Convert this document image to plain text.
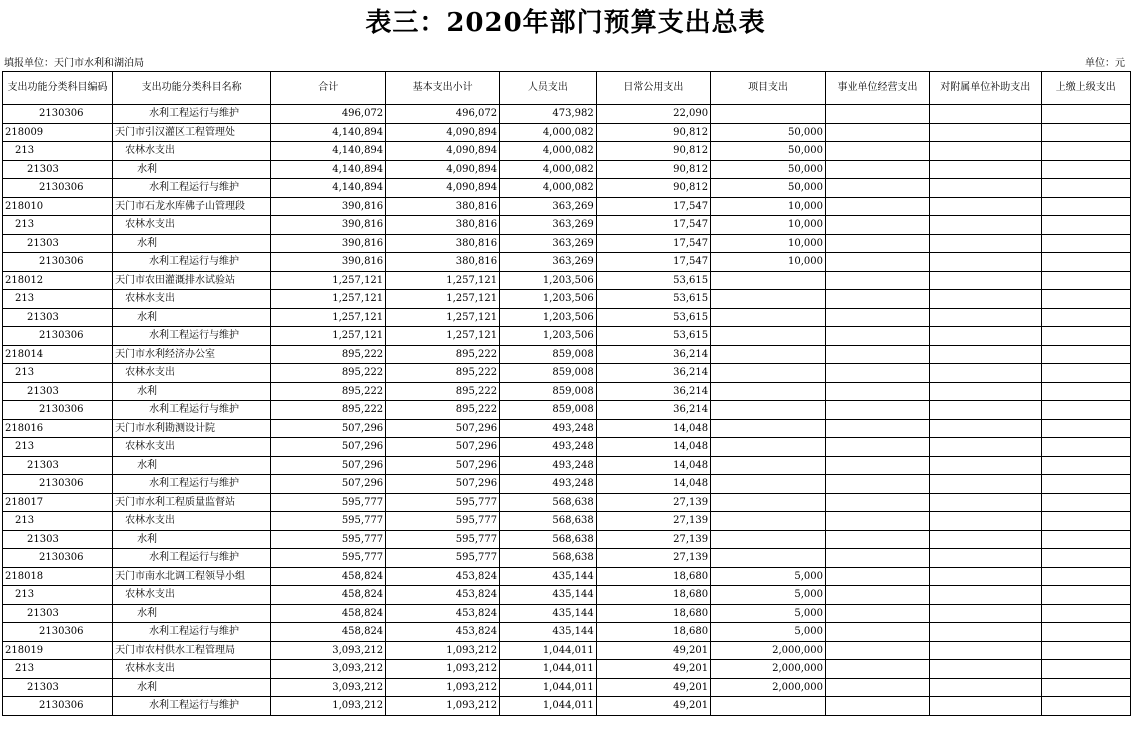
表三：2020年部门预算支出总表
填报单位：天门市水利和湖泊局	单位：元
支出功能分类科目编码	支出功能分类科目名称	合计	基本支出小计	人员支出	日常公用支出	项目支出	事业单位经营支出	对附属单位补助支出	上缴上级支出
2130306	水利工程运行与维护	496,072	496,072	473,982	22,090				
218009	天门市引汉灌区工程管理处	4,140,894	4,090,894	4,000,082	90,812	50,000			
213	农林水支出	4,140,894	4,090,894	4,000,082	90,812	50,000			
21303	水利	4,140,894	4,090,894	4,000,082	90,812	50,000			
2130306	水利工程运行与维护	4,140,894	4,090,894	4,000,082	90,812	50,000			
218010	天门市石龙水库佛子山管理段	390,816	380,816	363,269	17,547	10,000			
213	农林水支出	390,816	380,816	363,269	17,547	10,000			
21303	水利	390,816	380,816	363,269	17,547	10,000			
2130306	水利工程运行与维护	390,816	380,816	363,269	17,547	10,000			
218012	天门市农田灌溉排水试验站	1,257,121	1,257,121	1,203,506	53,615				
213	农林水支出	1,257,121	1,257,121	1,203,506	53,615				
21303	水利	1,257,121	1,257,121	1,203,506	53,615				
2130306	水利工程运行与维护	1,257,121	1,257,121	1,203,506	53,615				
218014	天门市水利经济办公室	895,222	895,222	859,008	36,214				
213	农林水支出	895,222	895,222	859,008	36,214				
21303	水利	895,222	895,222	859,008	36,214				
2130306	水利工程运行与维护	895,222	895,222	859,008	36,214				
218016	天门市水利勘测设计院	507,296	507,296	493,248	14,048				
213	农林水支出	507,296	507,296	493,248	14,048				
21303	水利	507,296	507,296	493,248	14,048				
2130306	水利工程运行与维护	507,296	507,296	493,248	14,048				
218017	天门市水利工程质量监督站	595,777	595,777	568,638	27,139				
213	农林水支出	595,777	595,777	568,638	27,139				
21303	水利	595,777	595,777	568,638	27,139				
2130306	水利工程运行与维护	595,777	595,777	568,638	27,139				
218018	天门市南水北调工程领导小组	458,824	453,824	435,144	18,680	5,000			
213	农林水支出	458,824	453,824	435,144	18,680	5,000			
21303	水利	458,824	453,824	435,144	18,680	5,000			
2130306	水利工程运行与维护	458,824	453,824	435,144	18,680	5,000			
218019	天门市农村供水工程管理局	3,093,212	1,093,212	1,044,011	49,201	2,000,000			
213	农林水支出	3,093,212	1,093,212	1,044,011	49,201	2,000,000			
21303	水利	3,093,212	1,093,212	1,044,011	49,201	2,000,000			
2130306	水利工程运行与维护	1,093,212	1,093,212	1,044,011	49,201				
